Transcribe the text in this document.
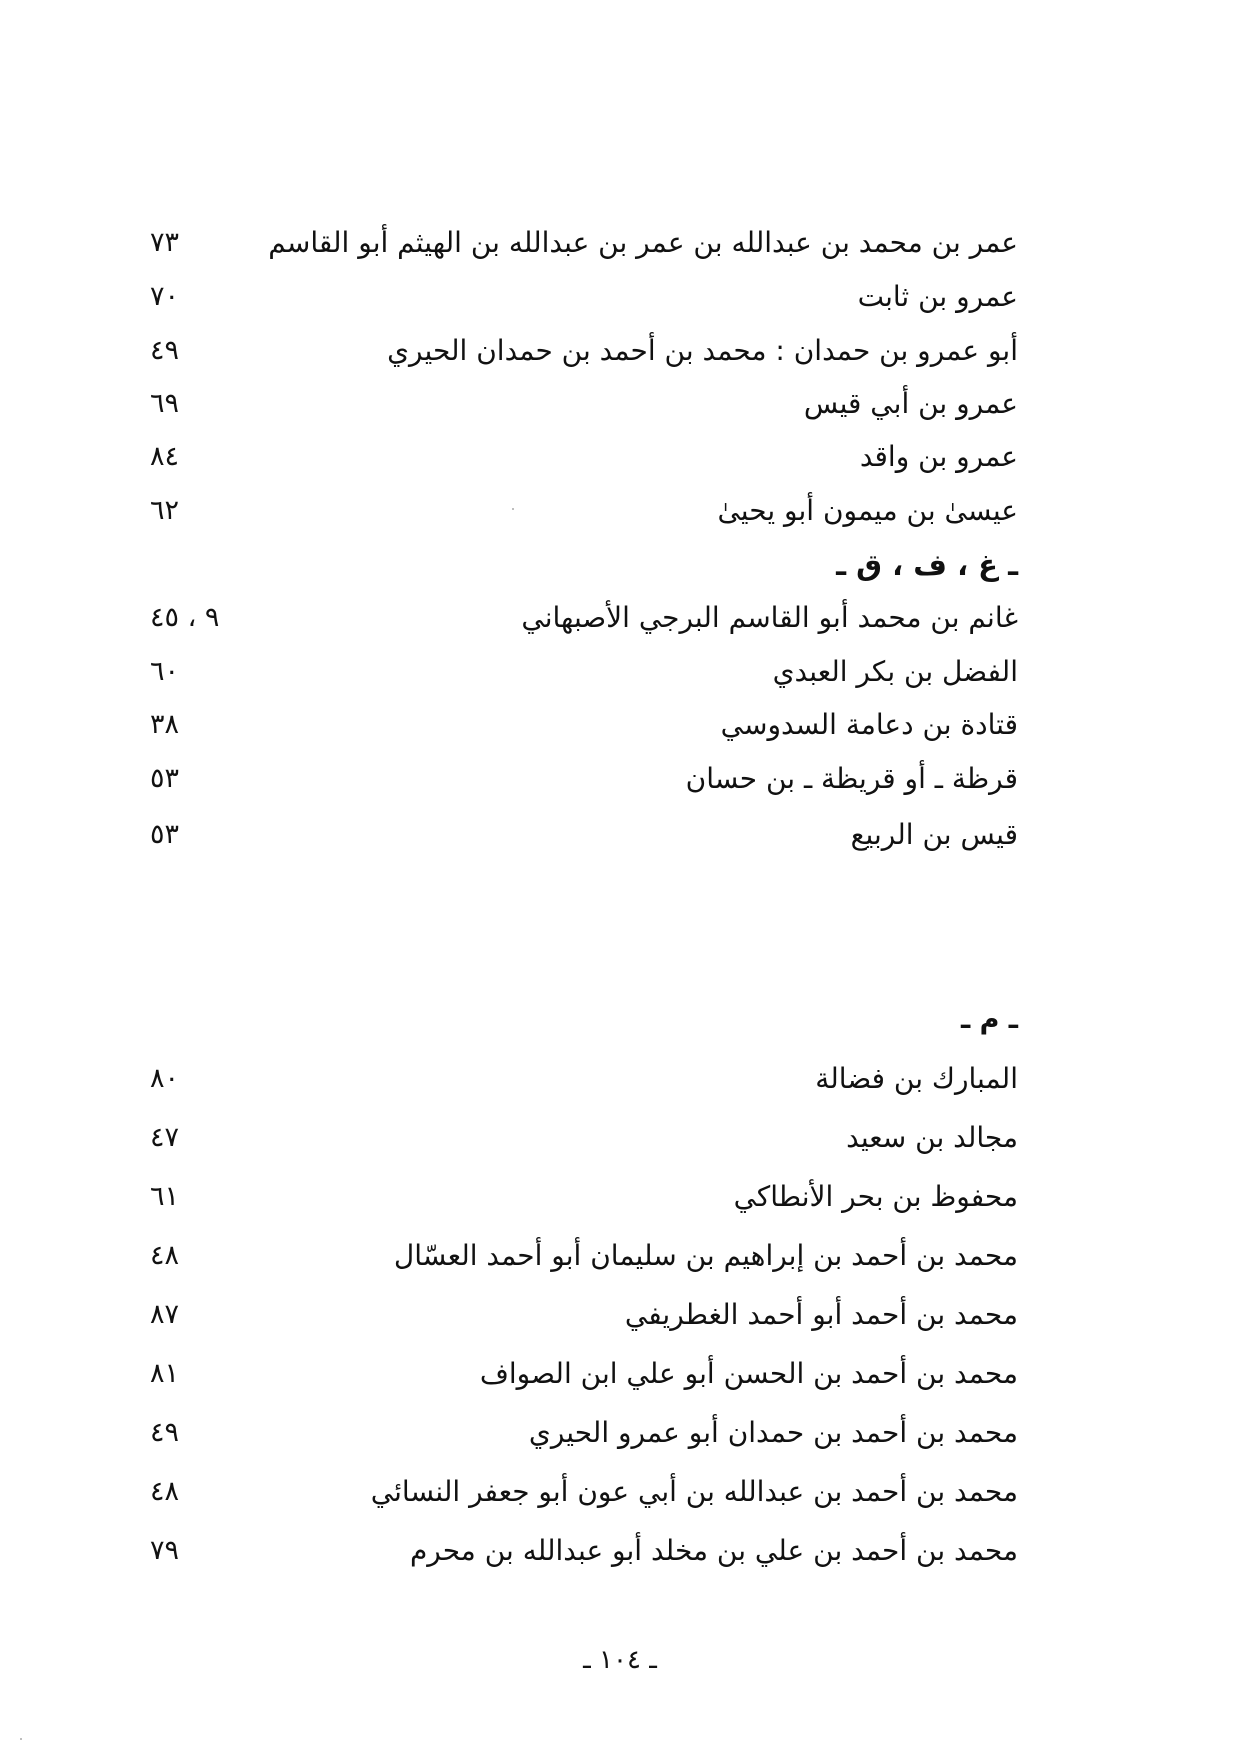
عمر بن محمد بن عبدالله بن عمر بن عبدالله بن الهيثم أبو القاسم
٧٣
عمرو بن ثابت
٧٠
أبو عمرو بن حمدان : محمد بن أحمد بن حمدان الحيري
٤٩
عمرو بن أبي قيس
٦٩
عمرو بن واقد
٨٤
عيسىٰ بن ميمون أبو يحيىٰ
٦٢
ـ غ ، ف ، ق ـ
غانم بن محمد أبو القاسم البرجي الأصبهاني
٩ ، ٤٥
الفضل بن بكر العبدي
٦٠
قتادة بن دعامة السدوسي
٣٨
قرظة ـ أو قريظة ـ بن حسان
٥٣
قيس بن الربيع
٥٣
ـ م ـ
المبارك بن فضالة
٨٠
مجالد بن سعيد
٤٧
محفوظ بن بحر الأنطاكي
٦١
محمد بن أحمد بن إبراهيم بن سليمان أبو أحمد العسّال
٤٨
محمد بن أحمد أبو أحمد الغطريفي
٨٧
محمد بن أحمد بن الحسن أبو علي ابن الصواف
٨١
محمد بن أحمد بن حمدان أبو عمرو الحيري
٤٩
محمد بن أحمد بن عبدالله بن أبي عون أبو جعفر النسائي
٤٨
محمد بن أحمد بن علي بن مخلد أبو عبدالله بن محرم
٧٩
ـ ١٠٤ ـ
